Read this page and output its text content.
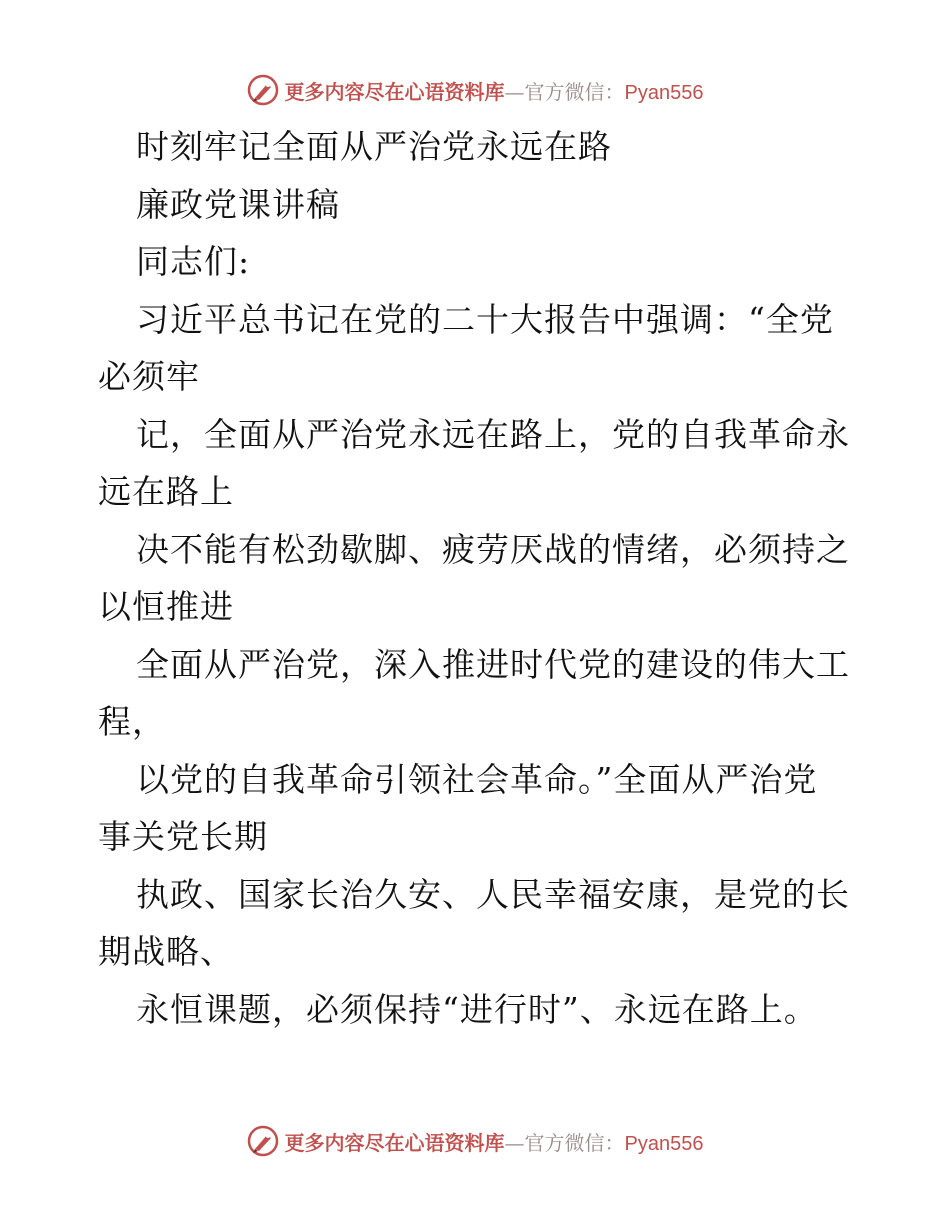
更多内容尽在心语资料库—官方微信：Pyan556
时刻牢记全面从严治党永远在路
廉政党课讲稿
同志们:
习近平总书记在党的二十大报告中强调：“全党
必须牢
记，全面从严治党永远在路上，党的自我革命永
远在路上
决不能有松劲歇脚、疲劳厌战的情绪，必须持之
以恒推进
全面从严治党，深入推进时代党的建设的伟大工
程，
以党的自我革命引领社会革命。”全面从严治党
事关党长期
执政、国家长治久安、人民幸福安康，是党的长
期战略、
永恒课题，必须保持“进行时”、永远在路上。
更多内容尽在心语资料库—官方微信：Pyan556
